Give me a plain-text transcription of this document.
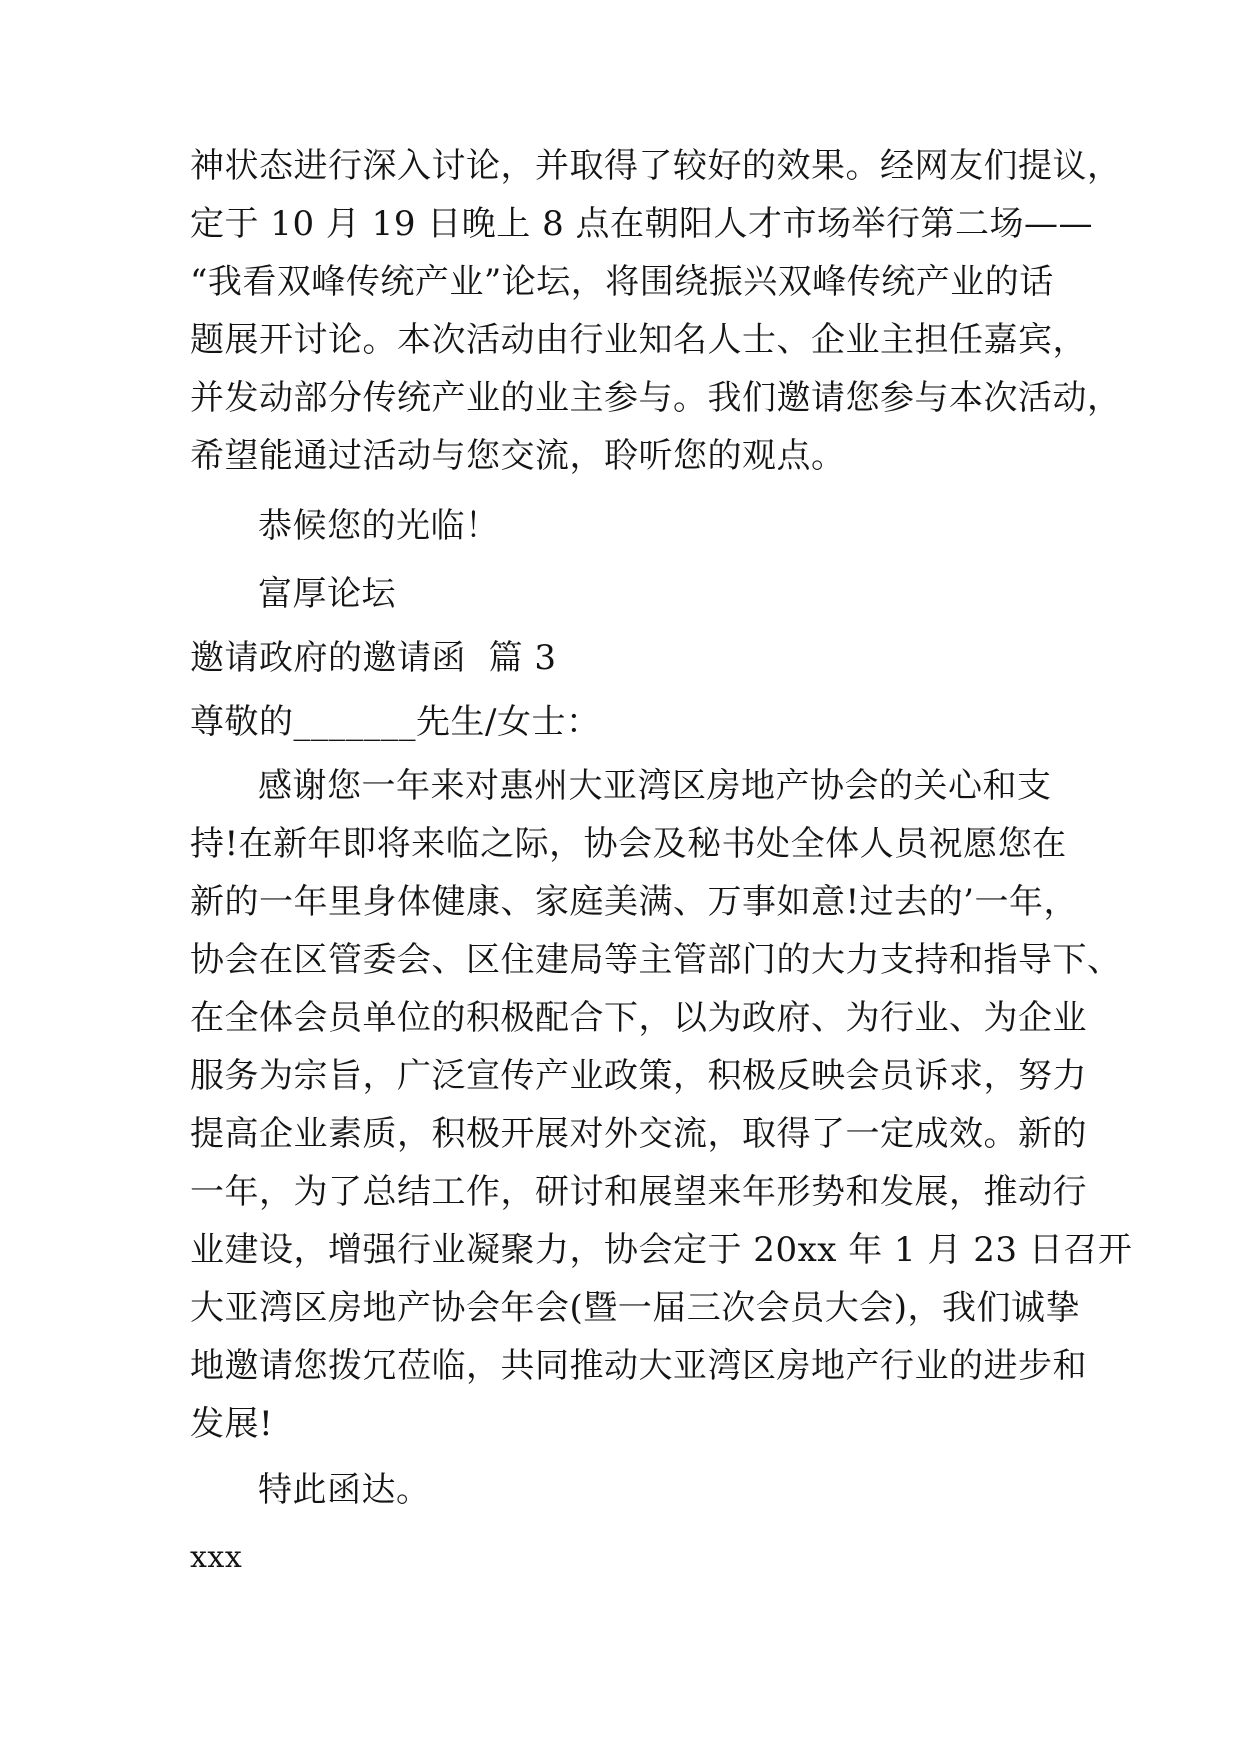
神状态进行深入讨论，并取得了较好的效果。经网友们提议，
定于 10 月 19 日晚上 8 点在朝阳人才市场举行第二场——
“我看双峰传统产业”论坛，将围绕振兴双峰传统产业的话
题展开讨论。本次活动由行业知名人士、企业主担任嘉宾，
并发动部分传统产业的业主参与。我们邀请您参与本次活动，
希望能通过活动与您交流，聆听您的观点。
恭候您的光临！
富厚论坛
邀请政府的邀请函  篇 3
尊敬的_______先生/女士：
感谢您一年来对惠州大亚湾区房地产协会的关心和支
持!在新年即将来临之际，协会及秘书处全体人员祝愿您在
新的一年里身体健康、家庭美满、万事如意!过去的’一年，
协会在区管委会、区住建局等主管部门的大力支持和指导下、
在全体会员单位的积极配合下，以为政府、为行业、为企业
服务为宗旨，广泛宣传产业政策，积极反映会员诉求，努力
提高企业素质，积极开展对外交流，取得了一定成效。新的
一年，为了总结工作，研讨和展望来年形势和发展，推动行
业建设，增强行业凝聚力，协会定于 20xx 年 1 月 23 日召开
大亚湾区房地产协会年会(暨一届三次会员大会)，我们诚挚
地邀请您拨冗莅临，共同推动大亚湾区房地产行业的进步和
发展!
特此函达。
xxx
